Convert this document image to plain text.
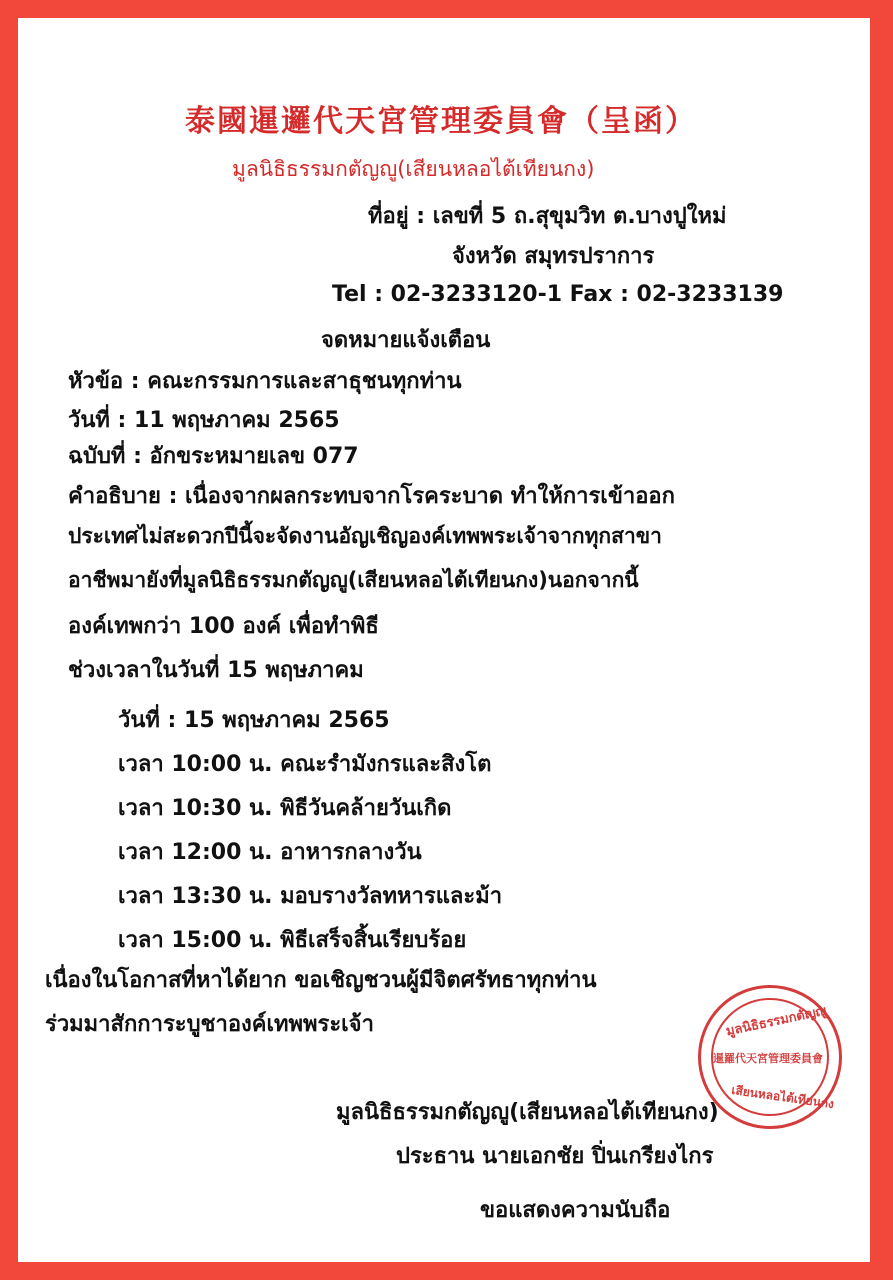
泰國暹邏代天宮管理委員會（呈函）
มูลนิธิธรรมกตัญญู(เสียนหลอไต้เทียนกง)
ที่อยู่ : เลขที่ 5 ถ.สุขุมวิท ต.บางปูใหม่
จังหวัด สมุทรปราการ
Tel : 02-3233120-1 Fax : 02-3233139
จดหมายแจ้งเตือน
หัวข้อ : คณะกรรมการและสาธุชนทุกท่าน
วันที่ : 11 พฤษภาคม 2565
ฉบับที่ : อักขระหมายเลข 077
คำอธิบาย : เนื่องจากผลกระทบจากโรคระบาด ทำให้การเข้าออก
ประเทศไม่สะดวกปีนี้จะจัดงานอัญเชิญองค์เทพพระเจ้าจากทุกสาขา
อาชีพมายังที่มูลนิธิธรรมกตัญญู(เสียนหลอไต้เทียนกง)นอกจากนี้
องค์เทพกว่า 100 องค์ เพื่อทำพิธี
ช่วงเวลาในวันที่ 15 พฤษภาคม
วันที่ : 15 พฤษภาคม 2565
เวลา 10:00 น. คณะรำมังกรและสิงโต
เวลา 10:30 น. พิธีวันคล้ายวันเกิด
เวลา 12:00 น. อาหารกลางวัน
เวลา 13:30 น. มอบรางวัลทหารและม้า
เวลา 15:00 น. พิธีเสร็จสิ้นเรียบร้อย
เนื่องในโอกาสที่หาได้ยาก ขอเชิญชวนผู้มีจิตศรัทธาทุกท่าน
ร่วมมาสักการะบูชาองค์เทพพระเจ้า	มูลนิธิธรรมกตัญญู
暹羅代天宮管理委員會
เสียนหลอไต้เทียนกง
มูลนิธิธรรมกตัญญู(เสียนหลอไต้เทียนกง)
ประธาน นายเอกชัย ปิ่นเกรียงไกร
ขอแสดงความนับถือ
